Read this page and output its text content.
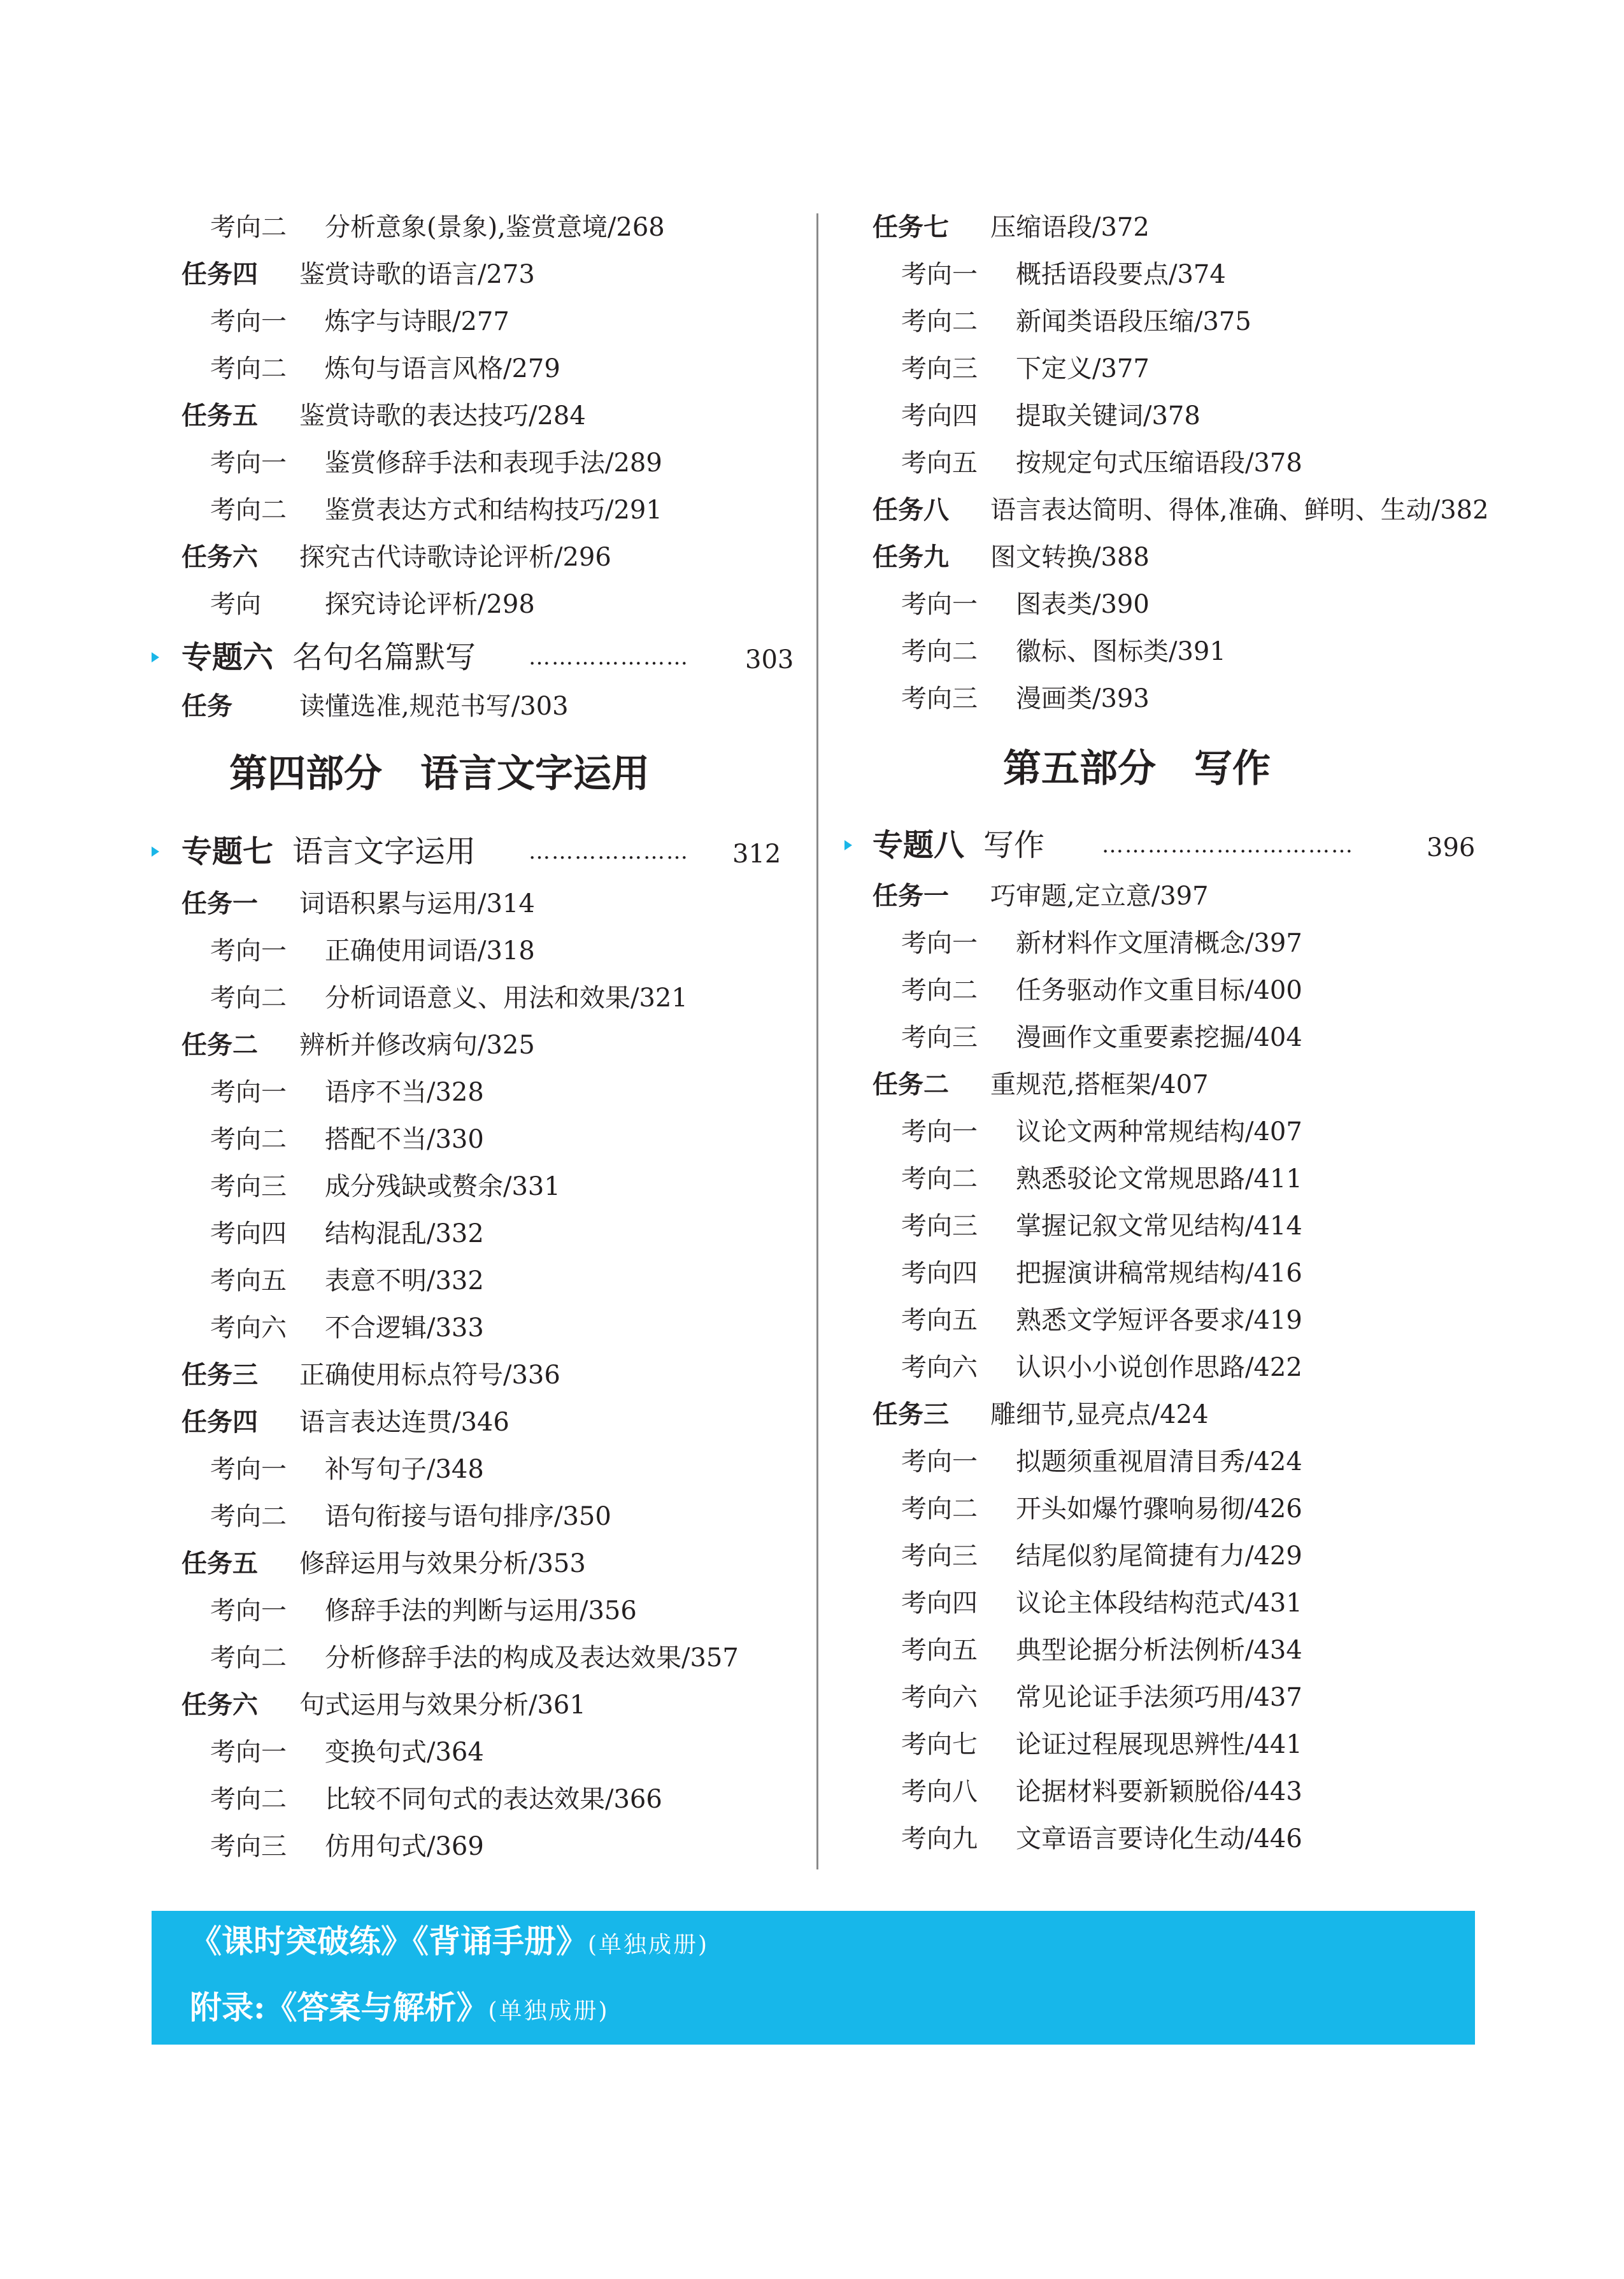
考向二 分析意象(景象),鉴赏意境/268
任务四 鉴赏诗歌的语言/273
考向一 炼字与诗眼/277
考向二 炼句与语言风格/279
任务五 鉴赏诗歌的表达技巧/284
考向一 鉴赏修辞手法和表现手法/289
考向二 鉴赏表达方式和结构技巧/291
任务六 探究古代诗歌诗论评析/296
考向	探究诗论评析/298
专题六 名句名篇默写 ………………… 303
任务	读懂选准,规范书写/303
第四部分　语言文字运用
专题七 语言文字运用 ………………… 312
任务一 词语积累与运用/314
考向一 正确使用词语/318
考向二 分析词语意义、用法和效果/321
任务二 辨析并修改病句/325
考向一 语序不当/328
考向二 搭配不当/330
考向三 成分残缺或赘余/331
考向四 结构混乱/332
考向五 表意不明/332
考向六 不合逻辑/333
任务三 正确使用标点符号/336
任务四 语言表达连贯/346
考向一 补写句子/348
考向二 语句衔接与语句排序/350
任务五 修辞运用与效果分析/353
考向一 修辞手法的判断与运用/356
考向二 分析修辞手法的构成及表达效果/357
任务六 句式运用与效果分析/361
考向一 变换句式/364
考向二 比较不同句式的表达效果/366
考向三 仿用句式/369
任务七 压缩语段/372
考向一 概括语段要点/374
考向二 新闻类语段压缩/375
考向三 下定义/377
考向四 提取关键词/378
考向五 按规定句式压缩语段/378
任务八 语言表达简明、得体,准确、鲜明、生动/382
任务九 图文转换/388
考向一 图表类/390
考向二 徽标、图标类/391
考向三 漫画类/393
第五部分　写作
专题八 写作	……………………………	396
任务一 巧审题,定立意/397
考向一 新材料作文厘清概念/397
考向二 任务驱动作文重目标/400
考向三 漫画作文重要素挖掘/404
任务二 重规范,搭框架/407
考向一 议论文两种常规结构/407
考向二 熟悉驳论文常规思路/411
考向三 掌握记叙文常见结构/414
考向四 把握演讲稿常规结构/416
考向五 熟悉文学短评各要求/419
考向六 认识小小说创作思路/422
任务三 雕细节,显亮点/424
考向一 拟题须重视眉清目秀/424
考向二 开头如爆竹骤响易彻/426
考向三 结尾似豹尾简捷有力/429
考向四 议论主体段结构范式/431
考向五 典型论据分析法例析/434
考向六 常见论证手法须巧用/437
考向七 论证过程展现思辨性/441
考向八 论据材料要新颖脱俗/443
考向九 文章语言要诗化生动/446
《课时突破练》《背诵手册》(单独成册)
附录:《答案与解析》(单独成册)
